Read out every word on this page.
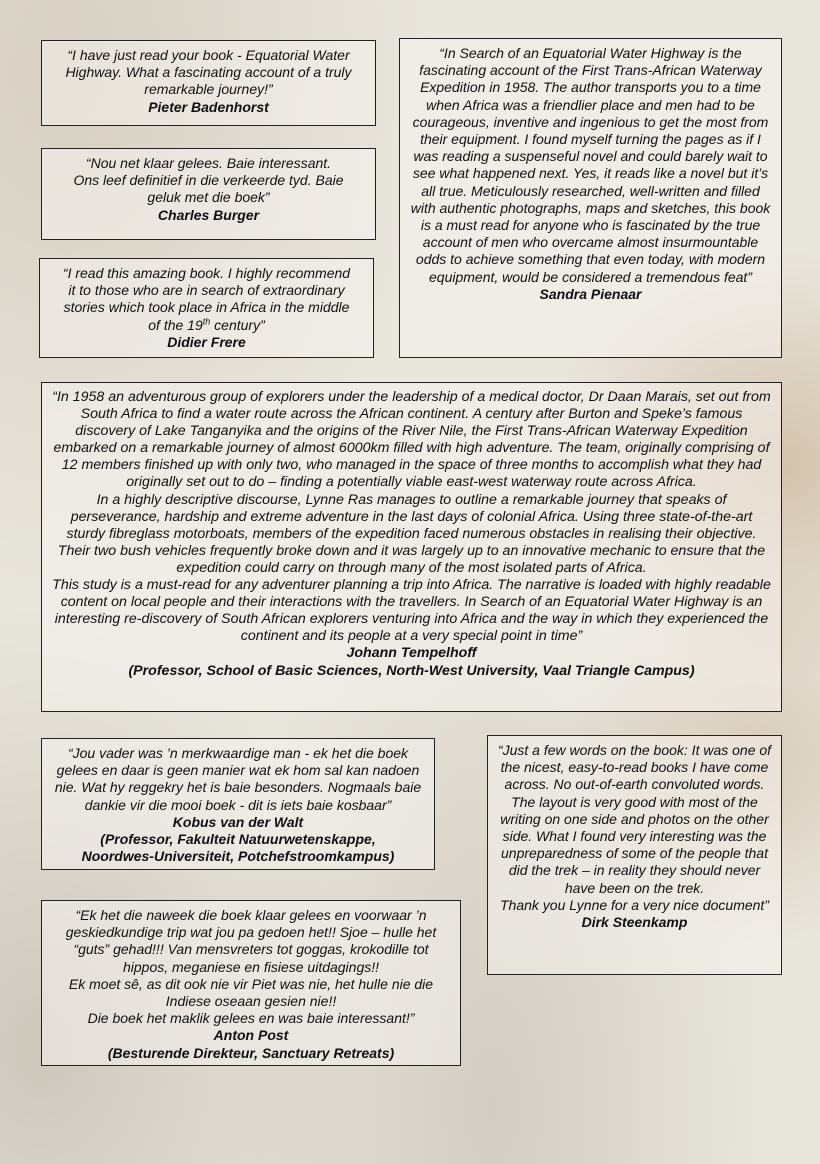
“I have just read your book - Equatorial Water Highway. What a fascinating account of a truly remarkable journey!”
Pieter Badenhorst
“Nou net klaar gelees. Baie interessant. Ons leef definitief in die verkeerde tyd. Baie geluk met die boek”
Charles Burger
“I read this amazing book. I highly recommend it to those who are in search of extraordinary stories which took place in Africa in the middle of the 19th century”
Didier Frere
“In Search of an Equatorial Water Highway is the fascinating account of the First Trans-African Waterway Expedition in 1958. The author transports you to a time when Africa was a friendlier place and men had to be courageous, inventive and ingenious to get the most from their equipment. I found myself turning the pages as if I was reading a suspenseful novel and could barely wait to see what happened next. Yes, it reads like a novel but it’s all true. Meticulously researched, well-written and filled with authentic photographs, maps and sketches, this book is a must read for anyone who is fascinated by the true account of men who overcame almost insurmountable odds to achieve something that even today, with modern equipment, would be considered a tremendous feat”
Sandra Pienaar

“In 1958 an adventurous group of explorers under the leadership of a medical doctor, Dr Daan Marais, set out from South Africa to find a water route across the African continent. A century after Burton and Speke’s famous discovery of Lake Tanganyika and the origins of the River Nile, the First Trans-African Waterway Expedition embarked on a remarkable journey of almost 6000km filled with high adventure. The team, originally comprising of 12 members finished up with only two, who managed in the space of three months to accomplish what they had originally set out to do – finding a potentially viable east-west waterway route across Africa.

In a highly descriptive discourse, Lynne Ras manages to outline a remarkable journey that speaks of perseverance, hardship and extreme adventure in the last days of colonial Africa. Using three state-of-the-art sturdy fibreglass motorboats, members of the expedition faced numerous obstacles in realising their objective. Their two bush vehicles frequently broke down and it was largely up to an innovative mechanic to ensure that the expedition could carry on through many of the most isolated parts of Africa.

This study is a must-read for any adventurer planning a trip into Africa. The narrative is loaded with highly readable content on local people and their interactions with the travellers. In Search of an Equatorial Water Highway is an interesting re-discovery of South African explorers venturing into Africa and the way in which they experienced the continent and its people at a very special point in time”

Johann Tempelhoff
(Professor, School of Basic Sciences, North-West University, Vaal Triangle Campus)
“Jou vader was ’n merkwaardige man - ek het die boek gelees en daar is geen manier wat ek hom sal kan nadoen nie. Wat hy reggekry het is baie besonders. Nogmaals baie dankie vir die mooi boek - dit is iets baie kosbaar”
Kobus van der Walt
(Professor, Fakulteit Natuurwetenskappe,
Noordwes-Universiteit, Potchefstroomkampus)

“Ek het die naweek die boek klaar gelees en voorwaar ’n geskiedkundige trip wat jou pa gedoen het!! Sjoe – hulle het “guts” gehad!!! Van mensvreters tot goggas, krokodille tot hippos, meganiese en fisiese uitdagings!!

Ek moet sê, as dit ook nie vir Piet was nie, het hulle nie die Indiese oseaan gesien nie!!

Die boek het maklik gelees en was baie interessant!”

Anton Post
(Besturende Direkteur, Sanctuary Retreats)

“Just a few words on the book: It was one of the nicest, easy-to-read books I have come across. No out-of-earth convoluted words.

The layout is very good with most of the writing on one side and photos on the other side. What I found very interesting was the unpreparedness of some of the people that did the trek – in reality they should never have been on the trek.

Thank you Lynne for a very nice document”

Dirk Steenkamp
